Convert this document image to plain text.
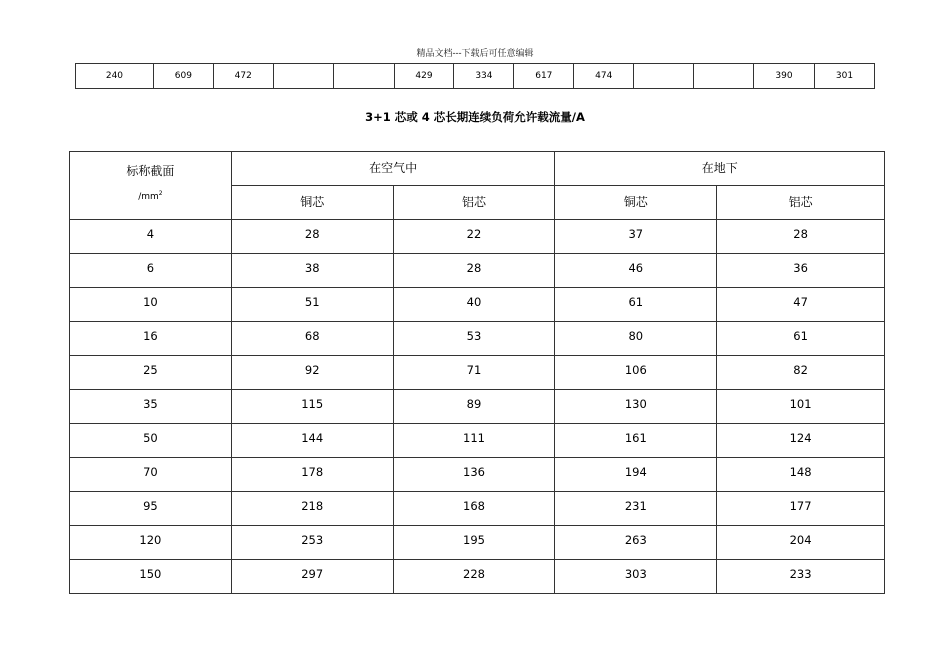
精品文档---下载后可任意编辑
240	609	472			429	334	617	474			390	301
3+1 芯或 4 芯长期连续负荷允许载流量/A
标称截面
$/mm^2$	在空气中		在地下	
	铜芯	铝芯	铜芯	铝芯
4	28	22	37	28
6	38	28	46	36
10	51	40	61	47
16	68	53	80	61
25	92	71	106	82
35	115	89	130	101
50	144	111	161	124
70	178	136	194	148
95	218	168	231	177
120	253	195	263	204
150	297	228	303	233
